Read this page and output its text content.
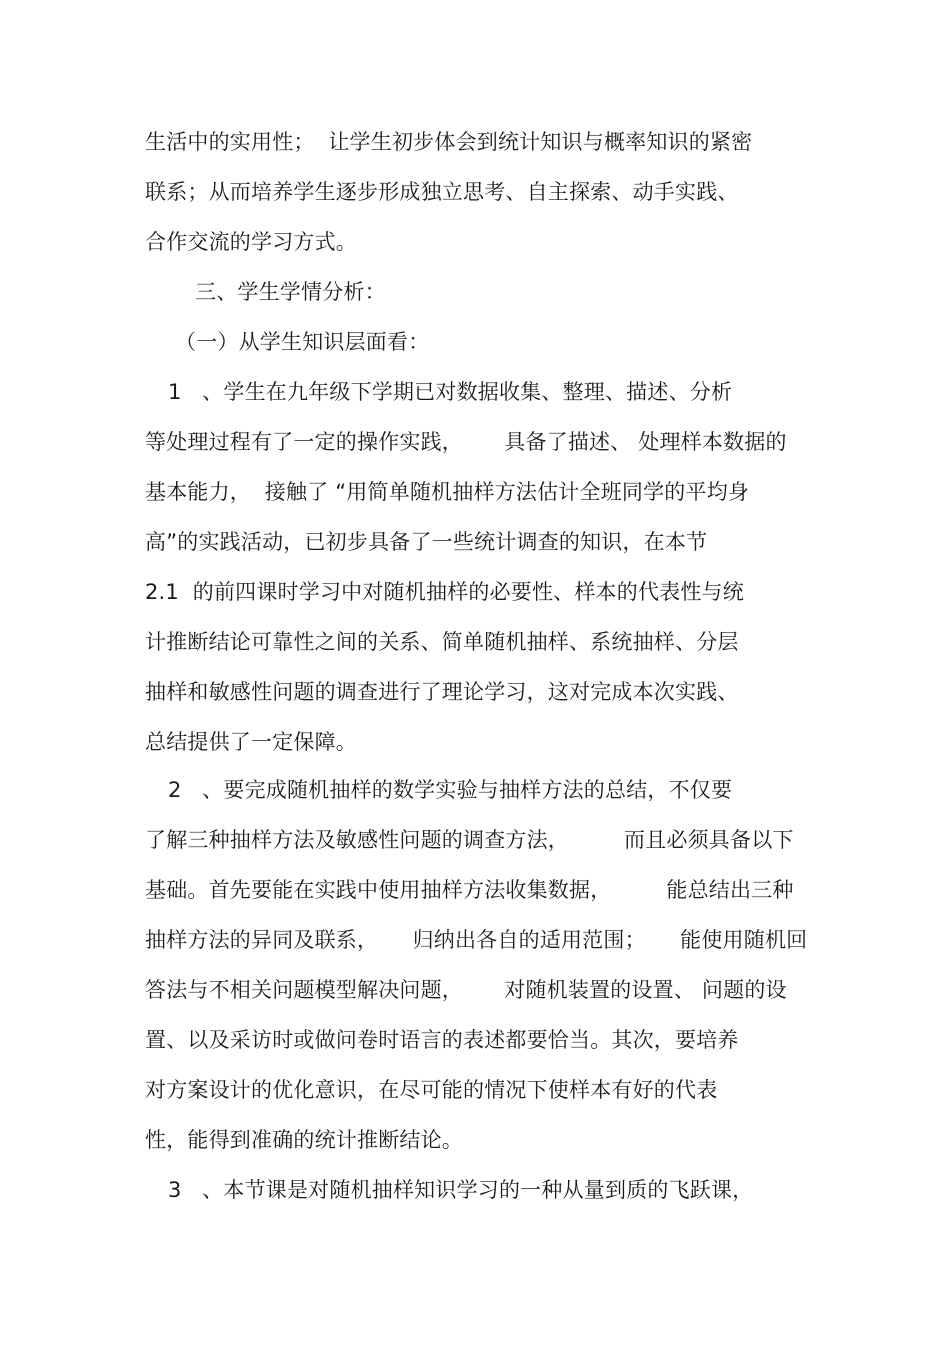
生活中的实用性；  让学生初步体会到统计知识与概率知识的紧密
联系；从而培养学生逐步形成独立思考、自主探索、动手实践、
合作交流的学习方式。
三、学生学情分析：
（一）从学生知识层面看：
1   、学生在九年级下学期已对数据收集、整理、描述、分析
等处理过程有了一定的操作实践，      具备了描述、 处理样本数据的
基本能力，  接触了 “用简单随机抽样方法估计全班同学的平均身
高”的实践活动，已初步具备了一些统计调查的知识，在本节
2.1  的前四课时学习中对随机抽样的必要性、样本的代表性与统
计推断结论可靠性之间的关系、简单随机抽样、系统抽样、分层
抽样和敏感性问题的调查进行了理论学习，这对完成本次实践、
总结提供了一定保障。
2   、要完成随机抽样的数学实验与抽样方法的总结，不仅要
了解三种抽样方法及敏感性问题的调查方法，        而且必须具备以下
基础。首先要能在实践中使用抽样方法收集数据，        能总结出三种
抽样方法的异同及联系，     归纳出各自的适用范围；     能使用随机回
答法与不相关问题模型解决问题，      对随机装置的设置、 问题的设
置、以及采访时或做问卷时语言的表述都要恰当。其次，要培养
对方案设计的优化意识，在尽可能的情况下使样本有好的代表
性，能得到准确的统计推断结论。
3   、本节课是对随机抽样知识学习的一种从量到质的飞跃课，
